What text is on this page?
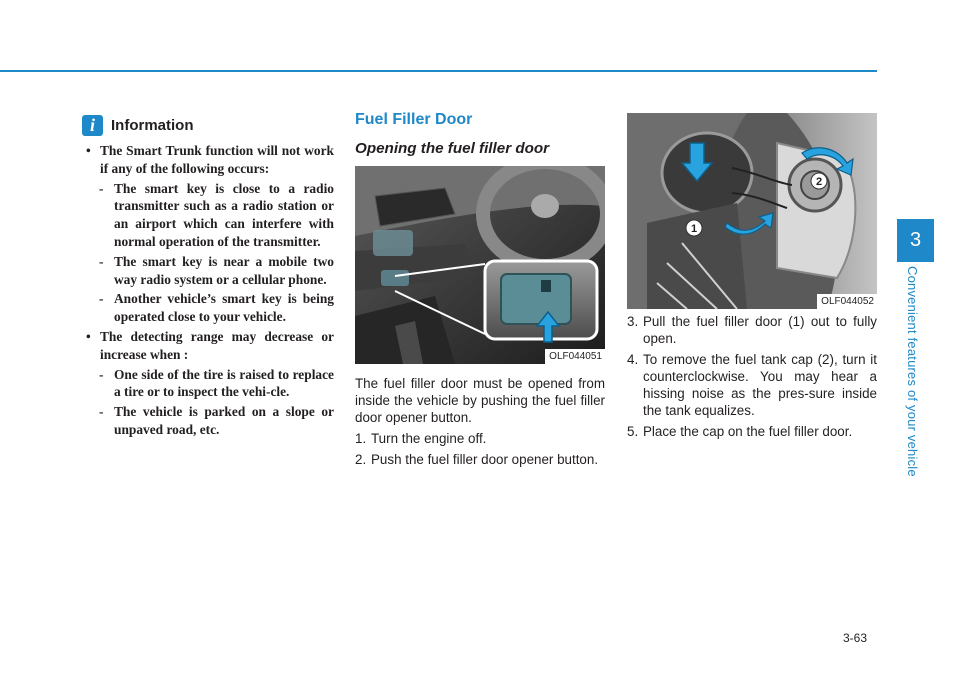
i	Information

• The Smart Trunk function will not work if any of the following occurs:

- The smart key is close to a radio transmitter such as a radio station or an airport which can interfere with normal operation of the transmitter.

- The smart key is near a mobile two way radio system or a cellular phone.

- Another vehicle’s smart key is being operated close to your vehicle.

• The detecting range may decrease or increase when :

- One side of the tire is raised to replace a tire or to inspect the vehi-cle.

- The vehicle is parked on a slope or unpaved road, etc.

Fuel Filler Door
Opening the fuel filler door
OLF044051

The fuel filler door must be opened from inside the vehicle by pushing the fuel filler door opener button.

1. Turn the engine off.
2. Push the fuel filler door opener button.
1
2
OLF044052
3. Pull the fuel filler door (1) out to fully open.
4. To remove the fuel tank cap (2), turn it counterclockwise. You may hear a hissing noise as the pres-sure inside the tank equalizes.
5. Place the cap on the fuel filler door.
3
Convenient features of your vehicle
3-63
